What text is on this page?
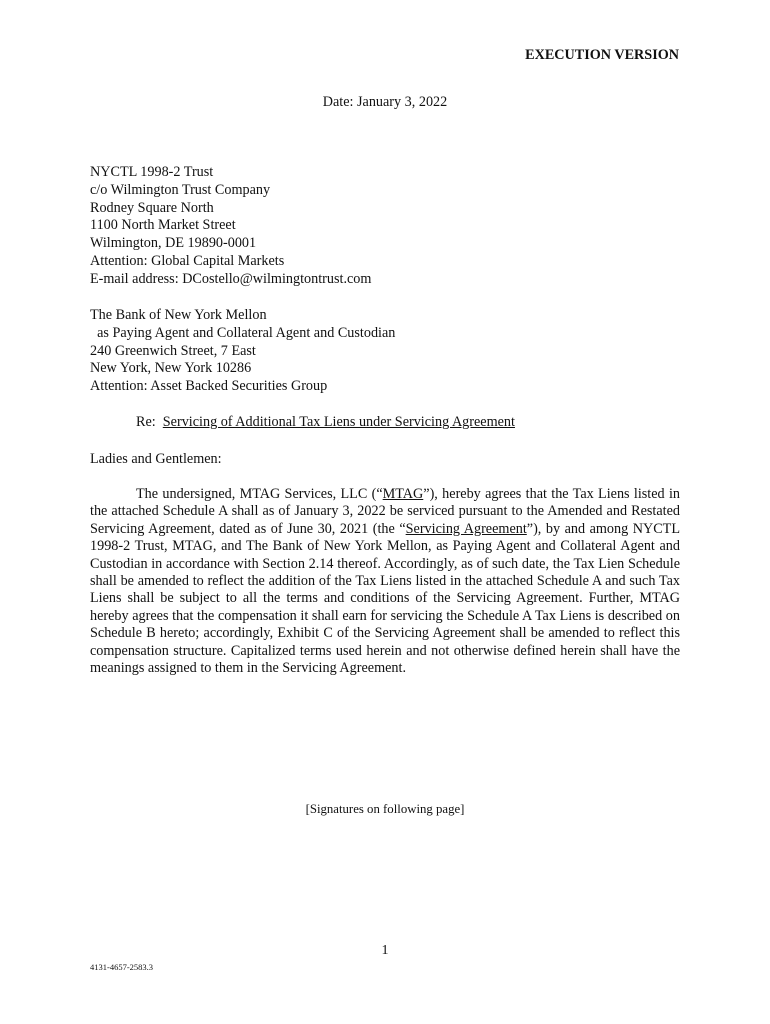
EXECUTION VERSION
Date: January 3, 2022
NYCTL 1998-2 Trust
c/o Wilmington Trust Company
Rodney Square North
1100 North Market Street
Wilmington, DE 19890-0001
Attention: Global Capital Markets
E-mail address: DCostello@wilmingtontrust.com
The Bank of New York Mellon
as Paying Agent and Collateral Agent and Custodian
240 Greenwich Street, 7 East
New York, New York 10286
Attention: Asset Backed Securities Group
Re:  Servicing of Additional Tax Liens under Servicing Agreement
Ladies and Gentlemen:
The undersigned, MTAG Services, LLC (“MTAG”), hereby agrees that the Tax Liens listed in the attached Schedule A shall as of January 3, 2022 be serviced pursuant to the Amended and Restated Servicing Agreement, dated as of June 30, 2021 (the “Servicing Agreement”), by and among NYCTL 1998-2 Trust, MTAG, and The Bank of New York Mellon, as Paying Agent and Collateral Agent and Custodian in accordance with Section 2.14 thereof. Accordingly, as of such date, the Tax Lien Schedule shall be amended to reflect the addition of the Tax Liens listed in the attached Schedule A and such Tax Liens shall be subject to all the terms and conditions of the Servicing Agreement. Further, MTAG hereby agrees that the compensation it shall earn for servicing the Schedule A Tax Liens is described on Schedule B hereto; accordingly, Exhibit C of the Servicing Agreement shall be amended to reflect this compensation structure. Capitalized terms used herein and not otherwise defined herein shall have the meanings assigned to them in the Servicing Agreement.
[Signatures on following page]
1
4131-4657-2583.3
